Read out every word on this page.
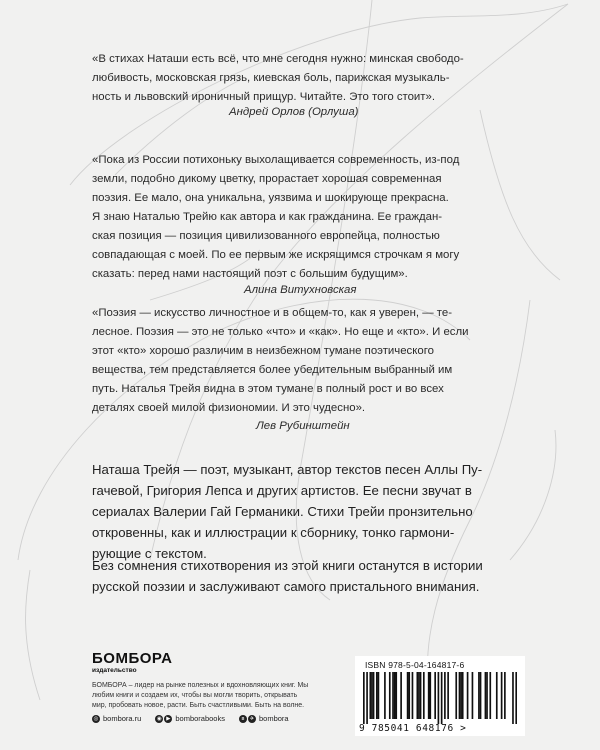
«В стихах Наташи есть всё, что мне сегодня нужно: минская свободо-

любивость, московская грязь, киевская боль, парижская музыкаль-

ность и львовский ироничный прищур. Читайте. Это того стоит».

Андрей Орлов (Орлуша)

«Пока из России потихоньку выхолащивается современность, из-под

земли, подобно дикому цветку, прорастает хорошая современная

поэзия. Ее мало, она уникальна, уязвима и шокирующе прекрасна.

Я знаю Наталью Трейю как автора и как гражданина. Ее граждан-

ская позиция — позиция цивилизованного европейца, полностью

совпадающая с моей. По ее первым же искрящимся строчкам я могу

сказать: перед нами настоящий поэт с большим будущим».

Алина Витухновская

«Поэзия — искусство личностное и в общем-то, как я уверен, — те-

лесное. Поэзия — это не только «что» и «как». Но еще и «кто». И если

этот «кто» хорошо различим в неизбежном тумане поэтического

вещества, тем представляется более убедительным выбранный им

путь. Наталья Трейя видна в этом тумане в полный рост и во всех

деталях своей милой физиономии. И это чудесно».

Лев Рубинштейн

Наташа Трейя — поэт, музыкант, автор текстов песен Аллы Пу-

гачевой, Григория Лепса и других артистов. Ее песни звучат в

сериалах Валерии Гай Германики. Стихи Трейи пронзительно

откровенны, как и иллюстрации к сборнику, тонко гармони-

рующие с текстом.

Без сомнения стихотворения из этой книги останутся в истории

русской поэзии и заслуживают самого пристального внимания.

БОМБОРА
издательство
БОМБОРА – лидер на рынке полезных и вдохновляющих книг. Мы любим книги и создаем их, чтобы вы могли творить, открывать мир, пробовать новое, расти. Быть счастливыми. Быть на волне.
◎ bombora.ru	◉ ▶ bomborabooks	в ✈ bombora
ISBN 978-5-04-164817-6
9 785041 648176 >
